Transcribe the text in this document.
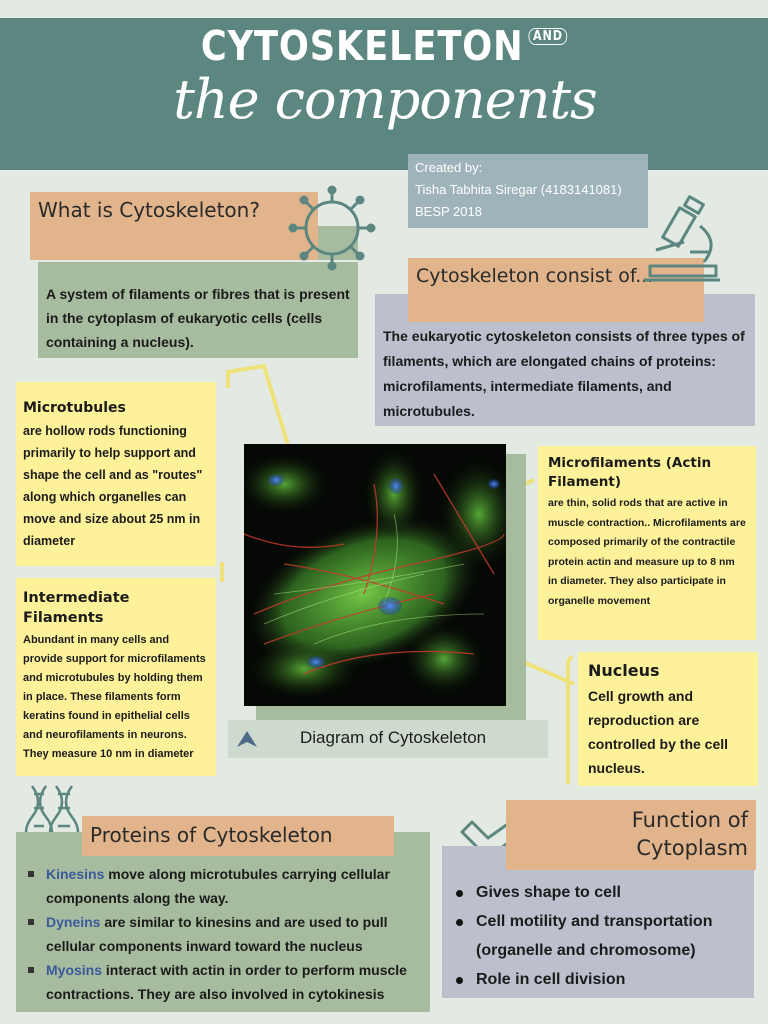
CYTOSKELETON AND
the components
Created by:
Tisha Tabhita Siregar (4183141081)
BESP 2018
A system of filaments or fibres that is present in the cytoplasm of eukaryotic cells (cells containing a nucleus).
What is Cytoskeleton?
The eukaryotic cytoskeleton consists of three types of filaments, which are elongated chains of proteins: microfilaments, intermediate filaments, and microtubules.
Cytoskeleton consist of...
Microtubules
are hollow rods functioning primarily to help support and shape the cell and as "routes" along which organelles can move and size about 25 nm in diameter
Intermediate Filaments
Abundant in many cells and provide support for microfilaments and microtubules by holding them in place. These filaments form keratins found in epithelial cells and neurofilaments in neurons. They measure 10 nm in diameter
Diagram of Cytoskeleton
Microfilaments (Actin Filament)
are thin, solid rods that are active in muscle contraction.. Microfilaments are composed primarily of the contractile protein actin and measure up to 8 nm in diameter. They also participate in organelle movement
Nucleus
Cell growth and reproduction are controlled by the cell nucleus.
Kinesins move along microtubules carrying cellular components along the way.
Dyneins are similar to kinesins and are used to pull cellular components inward toward the nucleus
Myosins interact with actin in order to perform muscle contractions. They are also involved in cytokinesis
Proteins of Cytoskeleton
Gives shape to cell
Cell motility and transportation (organelle and chromosome)
Role in cell division
Function of Cytoplasm
